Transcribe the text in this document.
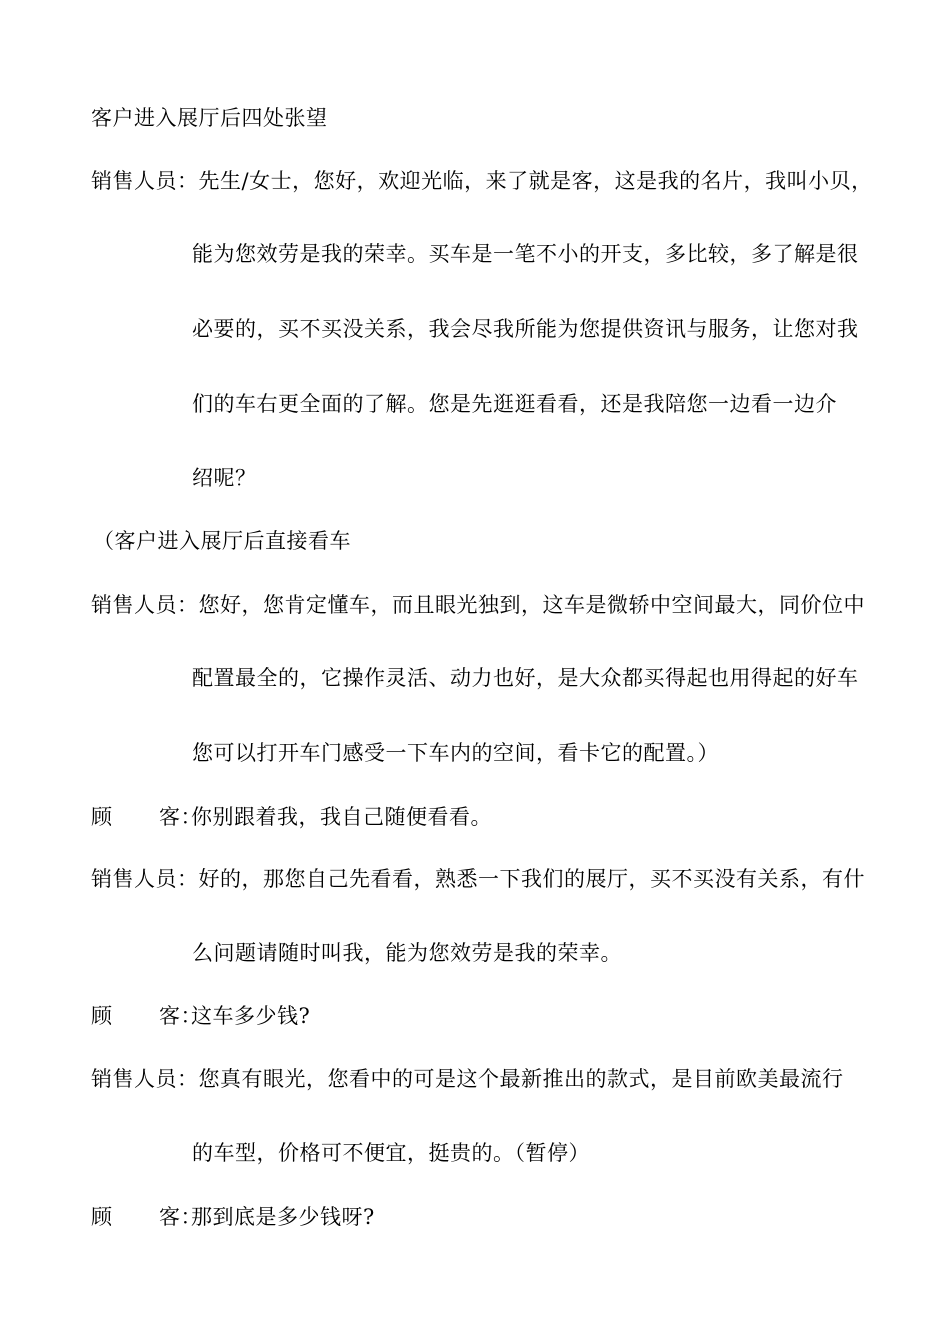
客户进入展厅后四处张望
销售人员：先生/女士，您好，欢迎光临，来了就是客，这是我的名片，我叫小贝，
能为您效劳是我的荣幸。买车是一笔不小的开支，多比较，多了解是很
必要的，买不买没关系，我会尽我所能为您提供资讯与服务，让您对我
们的车右更全面的了解。您是先逛逛看看，还是我陪您一边看一边介
绍呢？
（客户进入展厅后直接看车
销售人员：您好，您肯定懂车，而且眼光独到，这车是微轿中空间最大，同价位中
配置最全的，它操作灵活、动力也好，是大众都买得起也用得起的好车
您可以打开车门感受一下车内的空间，看卡它的配置。）
顾 客：你别跟着我，我自己随便看看。
销售人员：好的，那您自己先看看，熟悉一下我们的展厅，买不买没有关系，有什
么问题请随时叫我，能为您效劳是我的荣幸。
顾 客：这车多少钱?
销售人员：您真有眼光，您看中的可是这个最新推出的款式，是目前欧美最流行
的车型，价格可不便宜，挺贵的。（暂停）
顾 客：那到底是多少钱呀?
